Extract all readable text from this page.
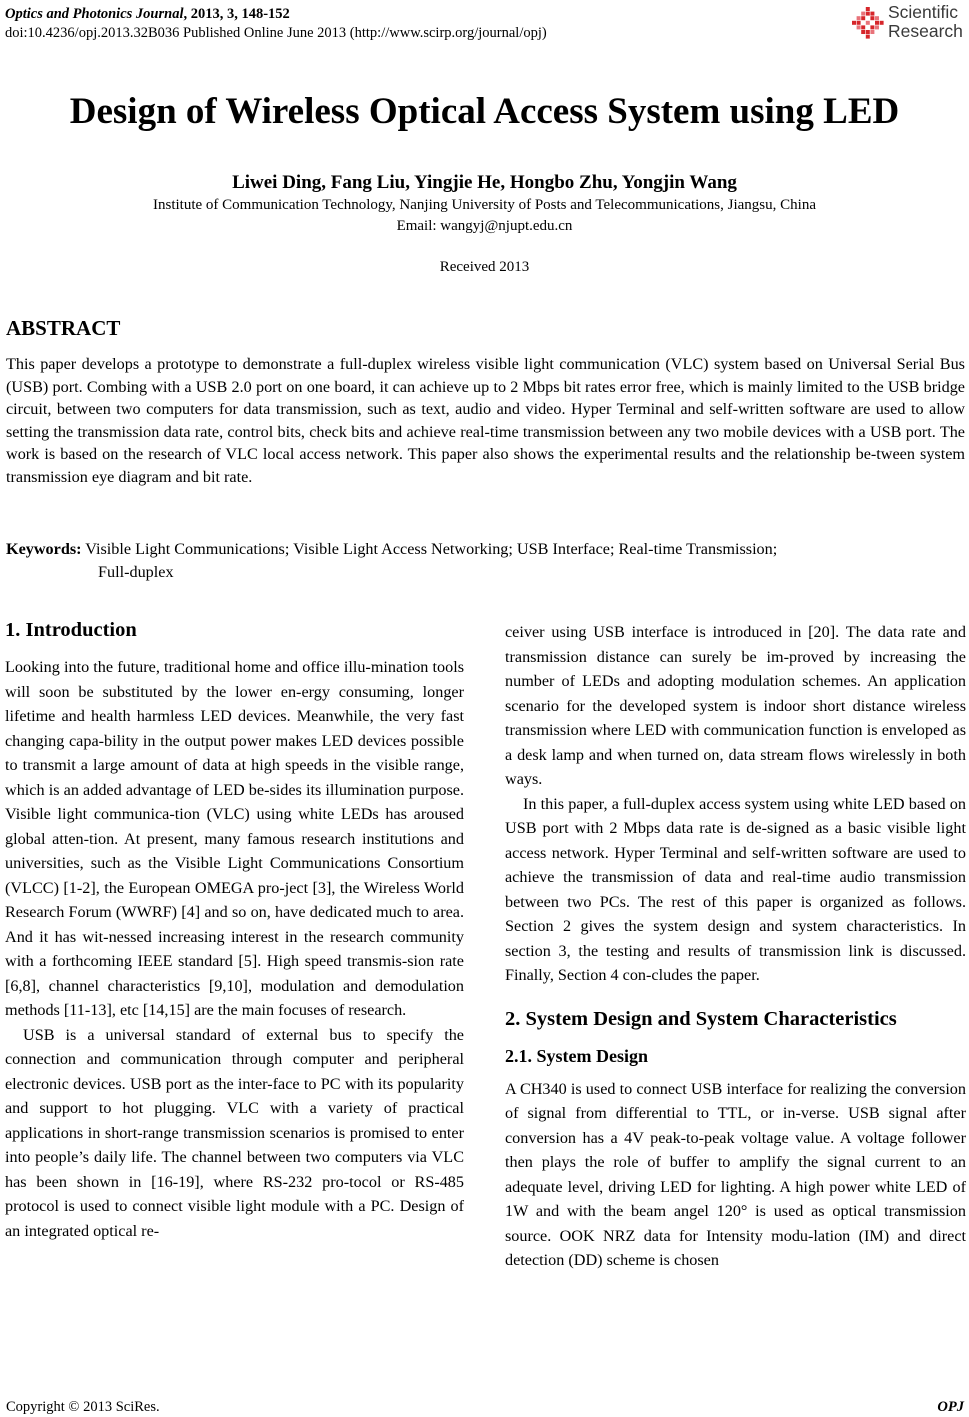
Optics and Photonics Journal, 2013, 3, 148-152
doi:10.4236/opj.2013.32B036 Published Online June 2013 (http://www.scirp.org/journal/opj)
Scientific
Research
Design of Wireless Optical Access System using LED
Liwei Ding, Fang Liu, Yingjie He, Hongbo Zhu, Yongjin Wang
Institute of Communication Technology, Nanjing University of Posts and Telecommunications, Jiangsu, China
Email: wangyj@njupt.edu.cn
Received 2013
ABSTRACT
This paper develops a prototype to demonstrate a full-duplex wireless visible light communication (VLC) system based on Universal Serial Bus (USB) port. Combing with a USB 2.0 port on one board, it can achieve up to 2 Mbps bit rates error free, which is mainly limited to the USB bridge circuit, between two computers for data transmission, such as text, audio and video. Hyper Terminal and self-written software are used to allow setting the transmission data rate, control bits, check bits and achieve real-time transmission between any two mobile devices with a USB port. The work is based on the research of VLC local access network. This paper also shows the experimental results and the relationship be-tween system transmission eye diagram and bit rate.
Keywords: Visible Light Communications; Visible Light Access Networking; USB Interface; Real-time Transmission;
Full-duplex
1. Introduction

Looking into the future, traditional home and office illu-mination tools will soon be substituted by the lower en-ergy consuming, longer lifetime and health harmless LED devices. Meanwhile, the very fast changing capa-bility in the output power makes LED devices possible to transmit a large amount of data at high speeds in the visible range, which is an added advantage of LED be-sides its illumination purpose. Visible light communica-tion (VLC) using white LEDs has aroused global atten-tion. At present, many famous research institutions and universities, such as the Visible Light Communications Consortium (VLCC) [1-2], the European OMEGA pro-ject [3], the Wireless World Research Forum (WWRF) [4] and so on, have dedicated much to area. And it has wit-nessed increasing interest in the research community with a forthcoming IEEE standard [5]. High speed transmis-sion rate [6,8], channel characteristics [9,10], modulation and demodulation methods [11-13], etc [14,15] are the main focuses of research.

USB is a universal standard of external bus to specify the connection and communication through computer and peripheral electronic devices. USB port as the inter-face to PC with its popularity and support to hot plugging. VLC with a variety of practical applications in short-range transmission scenarios is promised to enter into people’s daily life. The channel between two computers via VLC has been shown in [16-19], where RS-232 pro-tocol or RS-485 protocol is used to connect visible light module with a PC. Design of an integrated optical re-

ceiver using USB interface is introduced in [20]. The data rate and transmission distance can surely be im-proved by increasing the number of LEDs and adopting modulation schemes. An application scenario for the developed system is indoor short distance wireless transmission where LED with communication function is enveloped as a desk lamp and when turned on, data stream flows wirelessly in both ways.

In this paper, a full-duplex access system using white LED based on USB port with 2 Mbps data rate is de-signed as a basic visible light access network. Hyper Terminal and self-written software are used to achieve the transmission of data and real-time audio transmission between two PCs. The rest of this paper is organized as follows. Section 2 gives the system design and system characteristics. In section 3, the testing and results of transmission link is discussed. Finally, Section 4 con-cludes the paper.

2. System Design and System Characteristics
2.1. System Design

A CH340 is used to connect USB interface for realizing the conversion of signal from differential to TTL, or in-verse. USB signal after conversion has a 4V peak-to-peak voltage value. A voltage follower then plays the role of buffer to amplify the signal current to an adequate level, driving LED for lighting. A high power white LED of 1W and with the beam angel 120° is used as optical transmission source. OOK NRZ data for Intensity modu-lation (IM) and direct detection (DD) scheme is chosen

Copyright © 2013 SciRes.	OPJ
